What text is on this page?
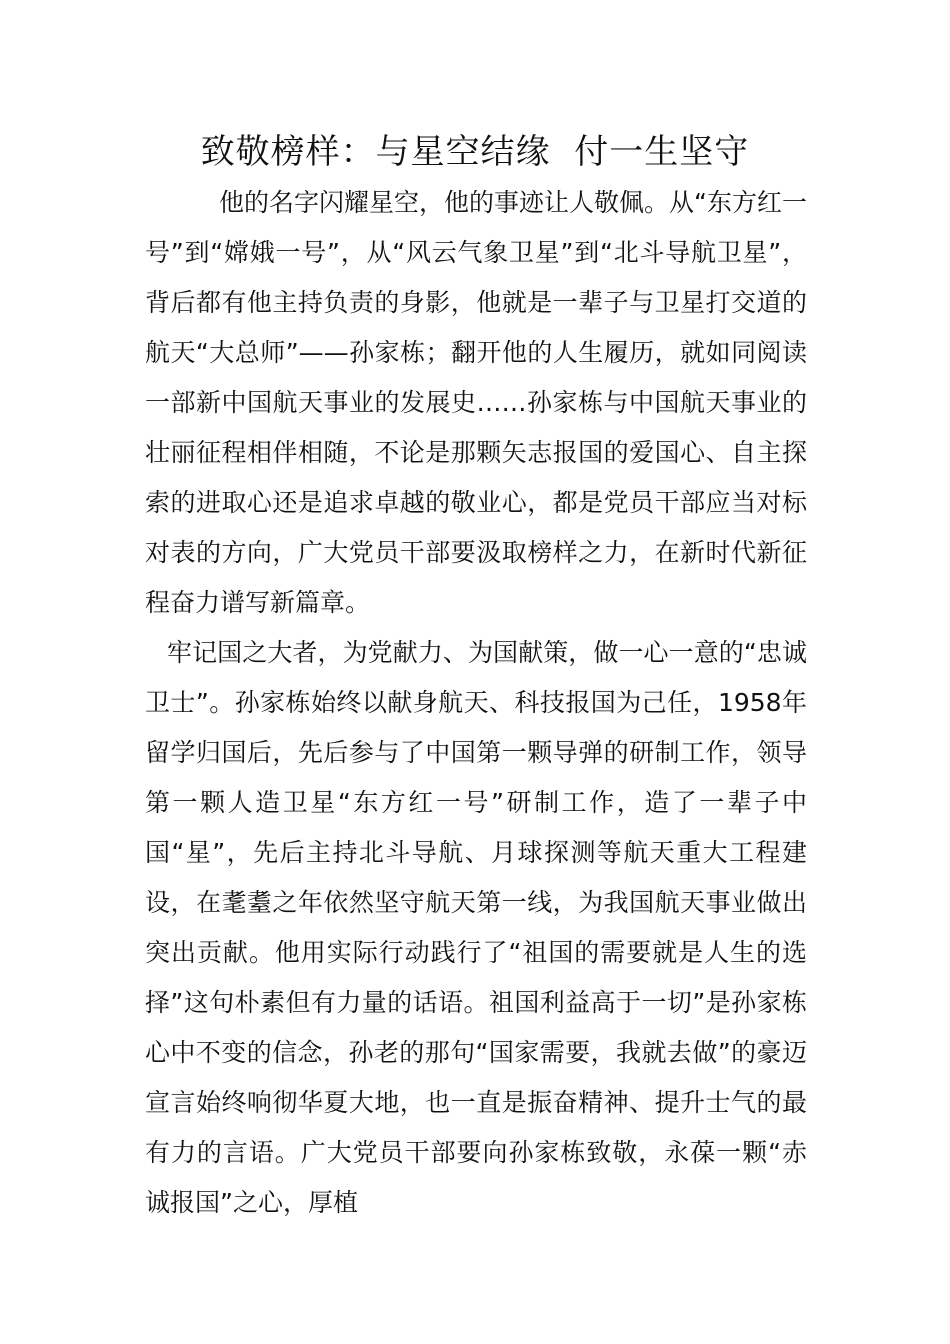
致敬榜样：与星空结缘  付一生坚守

他的名字闪耀星空，他的事迹让人敬佩。从“东方红一号”到“嫦娥一号”，从“风云气象卫星”到“北斗导航卫星”，背后都有他主持负责的身影，他就是一辈子与卫星打交道的航天“大总师”——孙家栋；翻开他的人生履历，就如同阅读一部新中国航天事业的发展史……孙家栋与中国航天事业的壮丽征程相伴相随，不论是那颗矢志报国的爱国心、自主探索的进取心还是追求卓越的敬业心，都是党员干部应当对标对表的方向，广大党员干部要汲取榜样之力，在新时代新征程奋力谱写新篇章。

牢记国之大者，为党献力、为国献策，做一心一意的“忠诚卫士”。孙家栋始终以献身航天、科技报国为己任，1958年留学归国后，先后参与了中国第一颗导弹的研制工作，领导第一颗人造卫星“东方红一号”研制工作，造了一辈子中国“星”，先后主持北斗导航、月球探测等航天重大工程建设，在耄耋之年依然坚守航天第一线，为我国航天事业做出突出贡献。他用实际行动践行了“祖国的需要就是人生的选择”这句朴素但有力量的话语。祖国利益高于一切”是孙家栋心中不变的信念，孙老的那句“国家需要，我就去做”的豪迈宣言始终响彻华夏大地，也一直是振奋精神、提升士气的最有力的言语。广大党员干部要向孙家栋致敬，永葆一颗“赤诚报国”之心，厚植
